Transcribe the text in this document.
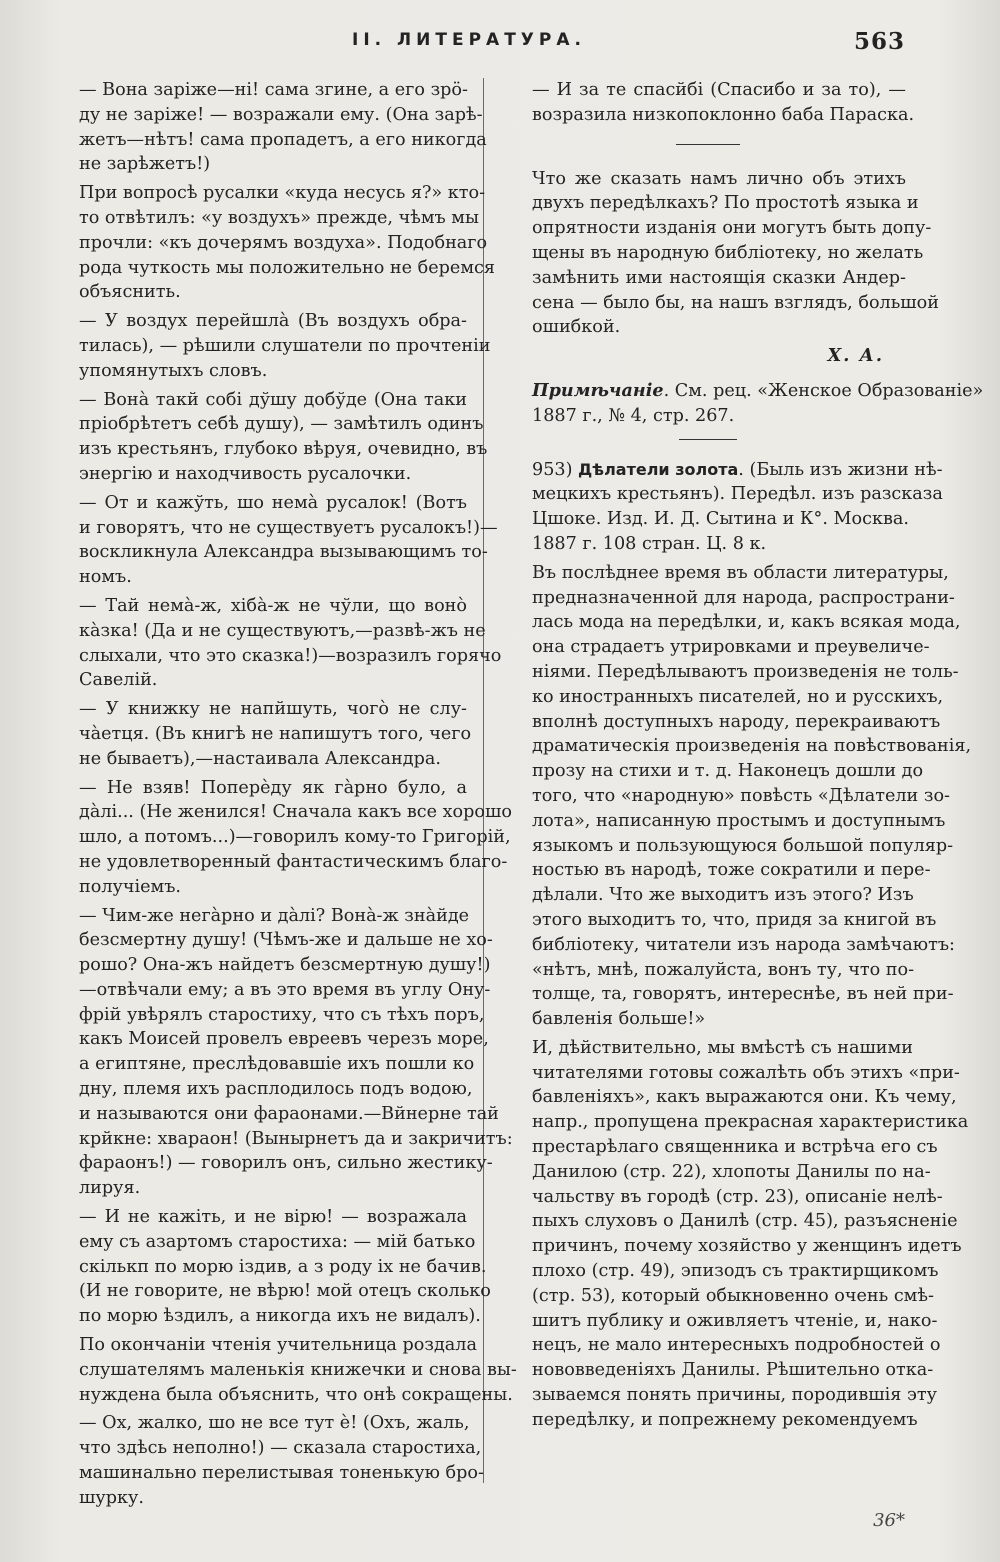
II. ЛИТЕРАТУРА.	563
— Вона заріже—ні! сама згине, а его зрö-
ду не заріже! — возражали ему. (Она зарѣ-
жетъ—нѣтъ! сама пропадетъ, а его никогда
не зарѣжетъ!)
При вопросѣ русалки «куда несусь я?» кто-
то отвѣтилъ: «у воздухъ» прежде, чѣмъ мы
прочли: «къ дочерямъ воздуха». Подобнаго
рода чуткость мы положительно не беремся
объяснить.
— У воздух перейшлà (Въ воздухъ обра-
тилась), — рѣшили слушатели по прочтеніи
упомянутыхъ словъ.
— Вонà такй собі дўшу добўде (Она таки
пріобрѣтетъ себѣ душу), — замѣтилъ одинъ
изъ крестьянъ, глубоко вѣруя, очевидно, въ
энергію и находчивость русалочки.
— От и кажўть, шо немà русалок! (Вотъ
и говорятъ, что не существуетъ русалокъ!)—
воскликнула Александра вызывающимъ то-
номъ.
— Тай немà-ж, хібà-ж не чўли, що вонò
кàзка! (Да и не существуютъ,—развѣ-жъ не
слыхали, что это сказка!)—возразилъ горячо
Савелій.
— У книжку не напйшуть, чогò не слу-
чàетця. (Въ книгѣ не напишутъ того, чего
не бываетъ),—настаивала Александра.
— Не взяв! Поперѐду як гàрно було, а
дàлі... (Не женился! Сначала какъ все хорошо
шло, а потомъ...)—говорилъ кому-то Григорій,
не удовлетворенный фантастическимъ благо-
получіемъ.
— Чим-же негàрно и дàлі? Вонà-ж знàйде
безсмертну душу! (Чѣмъ-же и дальше не хо-
рошо? Она-жъ найдетъ безсмертную душу!)
—отвѣчали ему; а въ это время въ углу Ону-
фрій увѣрялъ старостиху, что съ тѣхъ поръ,
какъ Моисей провелъ евреевъ черезъ море,
а египтяне, преслѣдовавшіе ихъ пошли ко
дну, племя ихъ расплодилось подъ водою,
и называются они фараонами.—Вйнерне тай
крйкне: хвараон! (Вынырнетъ да и закричитъ:
фараонъ!) — говорилъ онъ, сильно жестику-
лируя.
— И не кажіть, и не вірю! — возражала
ему съ азартомъ старостиха: — мій батько
скількп по морю іздив, а з роду іх не бачив.
(И не говорите, не вѣрю! мой отецъ сколько
по морю ѣздилъ, а никогда ихъ не видалъ).
По окончаніи чтенія учительница роздала
слушателямъ маленькія книжечки и снова вы-
нуждена была объяснить, что онѣ сокращены.
— Ох, жалко, шо не все тут è! (Охъ, жаль,
что здѣсь неполно!) — сказала старостиха,
машинально перелистывая тоненькую бро-
шурку.
— И за те спасйбі (Спасибо и за то), —
возразила низкопоклонно баба Параска.
Что же сказать намъ лично объ этихъ
двухъ передѣлкахъ? По простотѣ языка и
опрятности изданія они могутъ быть допу-
щены въ народную библіотеку, но желать
замѣнить ими настоящія сказки Андер-
сена — было бы, на нашъ взглядъ, большой
ошибкой.
Х. А.
Примѣчаніе. См. рец. «Женское Образованіе»
1887 г., № 4, стр. 267.
953) Дѣлатели золота. (Быль изъ жизни нѣ-
мецкихъ крестьянъ). Передѣл. изъ разсказа
Цшоке. Изд. И. Д. Сытина и К°. Москва.
1887 г. 108 стран. Ц. 8 к.
Въ послѣднее время въ области литературы,
предназначенной для народа, распространи-
лась мода на передѣлки, и, какъ всякая мода,
она страдаетъ утрировками и преувеличе-
ніями. Передѣлываютъ произведенія не толь-
ко иностранныхъ писателей, но и русскихъ,
вполнѣ доступныхъ народу, перекраиваютъ
драматическія произведенія на повѣствованія,
прозу на стихи и т. д. Наконецъ дошли до
того, что «народную» повѣсть «Дѣлатели зо-
лота», написанную простымъ и доступнымъ
языкомъ и пользующуюся большой популяр-
ностью въ народѣ, тоже сократили и пере-
дѣлали. Что же выходитъ изъ этого? Изъ
этого выходитъ то, что, придя за книгой въ
библіотеку, читатели изъ народа замѣчаютъ:
«нѣтъ, мнѣ, пожалуйста, вонъ ту, что по-
толще, та, говорятъ, интереснѣе, въ ней при-
бавленія больше!»
И, дѣйствительно, мы вмѣстѣ съ нашими
читателями готовы сожалѣть объ этихъ «при-
бавленіяхъ», какъ выражаются они. Къ чему,
напр., пропущена прекрасная характеристика
престарѣлаго священника и встрѣча его съ
Данилою (стр. 22), хлопоты Данилы по на-
чальству въ городѣ (стр. 23), описаніе нелѣ-
пыхъ слуховъ о Данилѣ (стр. 45), разъясненіе
причинъ, почему хозяйство у женщинъ идетъ
плохо (стр. 49), эпизодъ съ трактирщикомъ
(стр. 53), который обыкновенно очень смѣ-
шитъ публику и оживляетъ чтеніе, и, нако-
нецъ, не мало интересныхъ подробностей о
нововведеніяхъ Данилы. Рѣшительно отка-
зываемся понять причины, породившія эту
передѣлку, и попрежнему рекомендуемъ
36*
